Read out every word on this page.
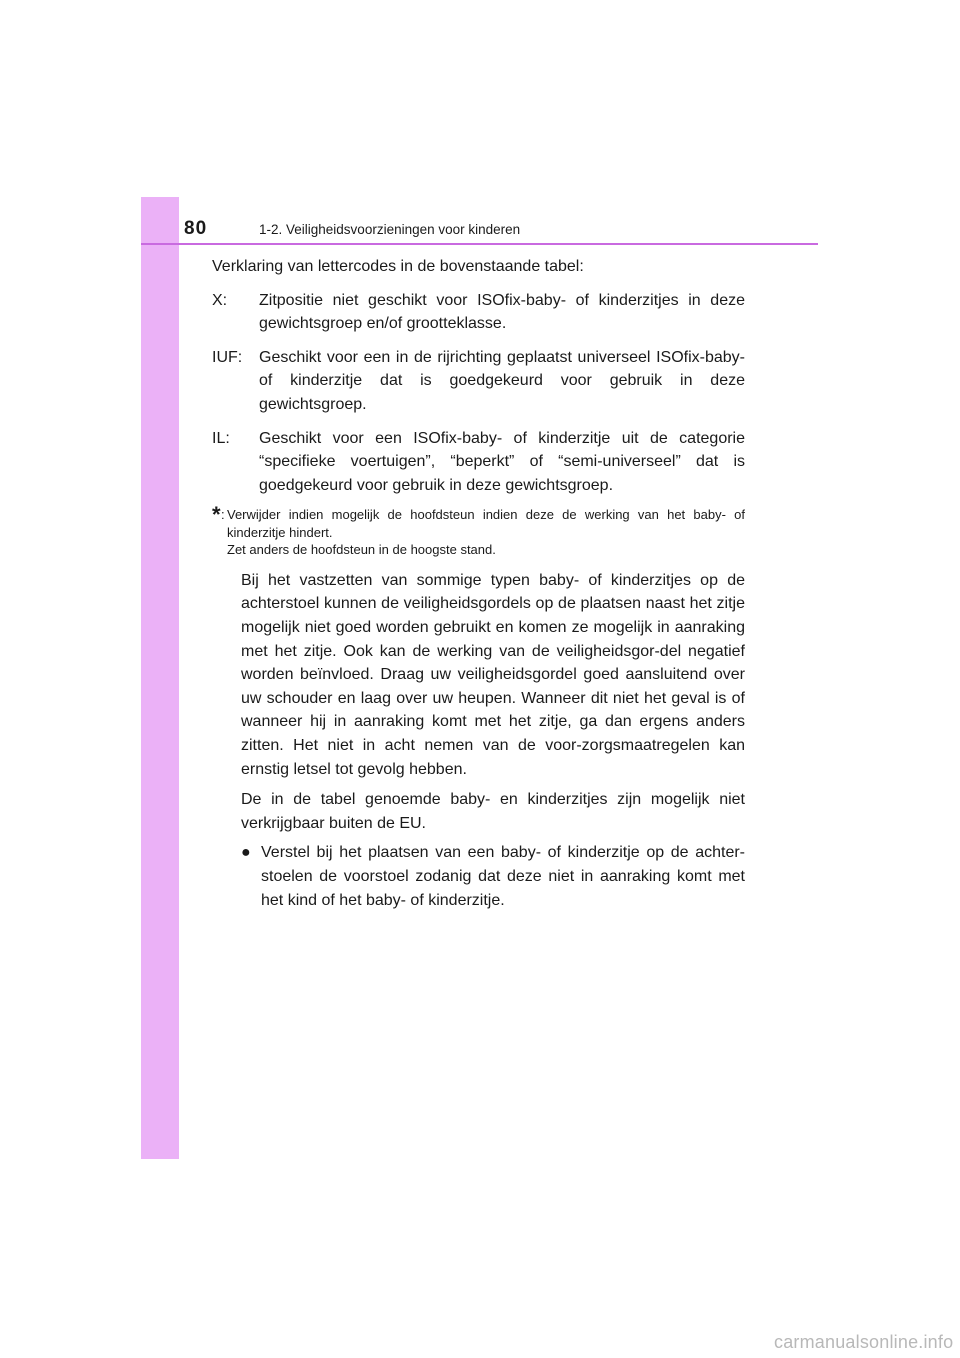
80	1-2. Veiligheidsvoorzieningen voor kinderen

Verklaring van lettercodes in de bovenstaande tabel:

X:	Zitpositie niet geschikt voor ISOfix-baby- of kinderzitjes in deze gewichtsgroep en/of grootteklasse.
IUF:	Geschikt voor een in de rijrichting geplaatst universeel ISOfix-baby- of kinderzitje dat is goedgekeurd voor gebruik in deze gewichtsgroep.
IL:	Geschikt voor een ISOfix-baby- of kinderzitje uit de categorie “specifieke voertuigen”, “beperkt” of “semi-universeel” dat is goedgekeurd voor gebruik in deze gewichtsgroep.
* : Verwijder indien mogelijk de hoofdsteun indien deze de werking van het baby- of kinderzitje hindert.
Zet anders de hoofdsteun in de hoogste stand.

Bij het vastzetten van sommige typen baby- of kinderzitjes op de achterstoel kunnen de veiligheidsgordels op de plaatsen naast het zitje mogelijk niet goed worden gebruikt en komen ze mogelijk in aanraking met het zitje. Ook kan de werking van de veiligheidsgor-del negatief worden beïnvloed. Draag uw veiligheidsgordel goed aansluitend over uw schouder en laag over uw heupen. Wanneer dit niet het geval is of wanneer hij in aanraking komt met het zitje, ga dan ergens anders zitten. Het niet in acht nemen van de voor-zorgsmaatregelen kan ernstig letsel tot gevolg hebben.

De in de tabel genoemde baby- en kinderzitjes zijn mogelijk niet verkrijgbaar buiten de EU.

● Verstel bij het plaatsen van een baby- of kinderzitje op de achter-stoelen de voorstoel zodanig dat deze niet in aanraking komt met het kind of het baby- of kinderzitje.
carmanualsonline.info
